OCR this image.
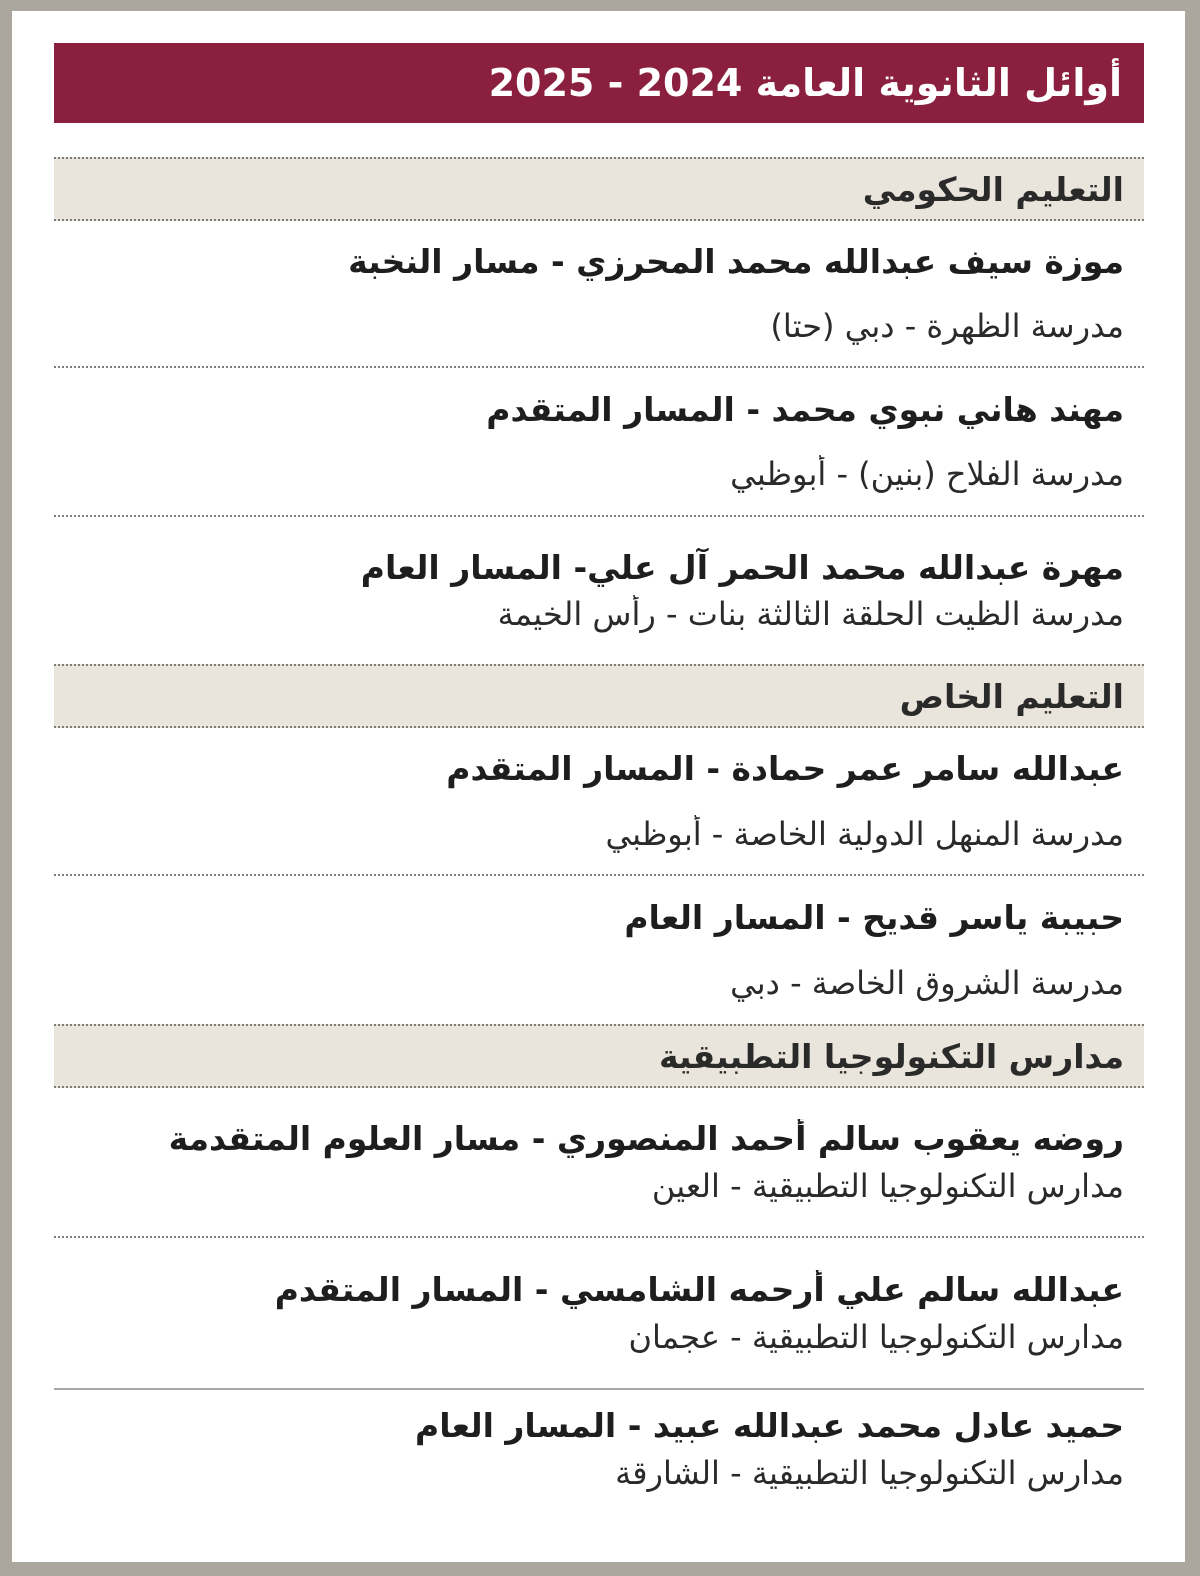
أوائل الثانوية العامة 2024 - 2025
التعليم الحكومي
موزة سيف عبدالله محمد المحرزي - مسار النخبة
مدرسة الظهرة - دبي (حتا)
مهند هاني نبوي محمد - المسار المتقدم
مدرسة الفلاح (بنين) - أبوظبي
مهرة عبدالله محمد الحمر آل علي- المسار العام
مدرسة الظيت الحلقة الثالثة بنات - رأس الخيمة
التعليم الخاص
عبدالله سامر عمر حمادة - المسار المتقدم
مدرسة المنهل الدولية الخاصة - أبوظبي
حبيبة ياسر قديح - المسار العام
مدرسة الشروق الخاصة - دبي
مدارس التكنولوجيا التطبيقية
روضه يعقوب سالم أحمد المنصوري - مسار العلوم المتقدمة
مدارس التكنولوجيا التطبيقية - العين
عبدالله سالم علي أرحمه الشامسي - المسار المتقدم
مدارس التكنولوجيا التطبيقية - عجمان
حميد عادل محمد عبدالله عبيد - المسار العام
مدارس التكنولوجيا التطبيقية - الشارقة
